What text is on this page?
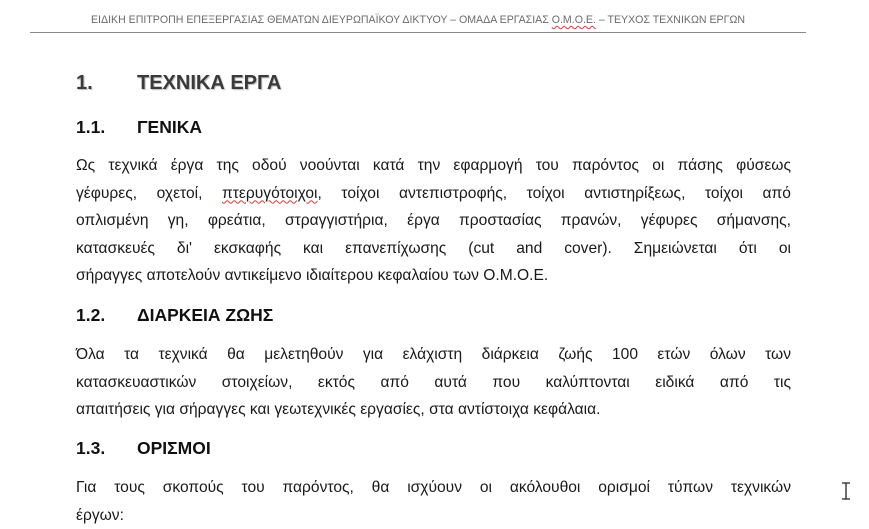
ΕΙΔΙΚΗ ΕΠΙΤΡΟΠΗ ΕΠΕΞΕΡΓΑΣΙΑΣ ΘΕΜΑΤΩΝ ΔΙΕΥΡΩΠΑΪΚΟΥ ΔΙΚΤΥΟΥ – ΟΜΑΔΑ ΕΡΓΑΣΙΑΣ Ο.Μ.Ο.Ε. – ΤΕΥΧΟΣ ΤΕΧΝΙΚΩΝ ΕΡΓΩΝ
1. ΤΕΧΝΙΚΑ ΕΡΓΑ
1.1. ΓΕΝΙΚΑ
Ως τεχνικά έργα της οδού νοούνται κατά την εφαρμογή του παρόντος οι πάσης φύσεως
γέφυρες, οχετοί, πτερυγότοιχοι, τοίχοι αντεπιστροφής, τοίχοι αντιστηρίξεως, τοίχοι από
οπλισμένη γη, φρεάτια, στραγγιστήρια, έργα προστασίας πρανών, γέφυρες σήμανσης,
κατασκευές δι' εκσκαφής και επανεπίχωσης (cut and cover). Σημειώνεται ότι οι
σήραγγες αποτελούν αντικείμενο ιδιαίτερου κεφαλαίου των Ο.Μ.Ο.Ε.
1.2. ΔΙΑΡΚΕΙΑ ΖΩΗΣ
Όλα τα τεχνικά θα μελετηθούν για ελάχιστη διάρκεια ζωής 100 ετών όλων των
κατασκευαστικών στοιχείων, εκτός από αυτά που καλύπτονται ειδικά από τις
απαιτήσεις για σήραγγες και γεωτεχνικές εργασίες, στα αντίστοιχα κεφάλαια.
1.3. ΟΡΙΣΜΟΙ
Για τους σκοπούς του παρόντος, θα ισχύουν οι ακόλουθοι ορισμοί τύπων τεχνικών
έργων:
